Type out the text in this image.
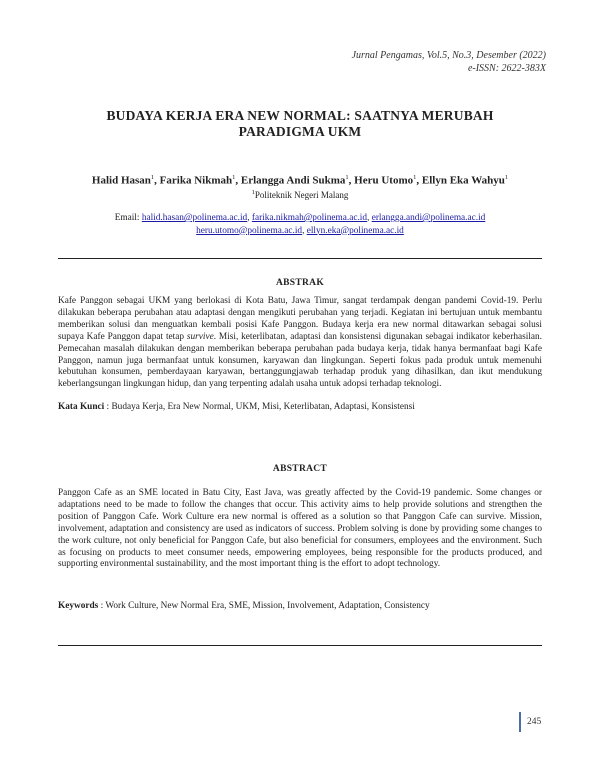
Jurnal Pengamas, Vol.5, No.3, Desember (2022)
e-ISSN: 2622-383X
BUDAYA KERJA ERA NEW NORMAL: SAATNYA MERUBAH
PARADIGMA UKM
Halid Hasan$^1$, Farika Nikmah$^1$, Erlangga Andi Sukma$^1$, Heru Utomo$^1$, Ellyn Eka Wahyu$^1$
$^1$Politeknik Negeri Malang
Email: halid.hasan@polinema.ac.id, farika.nikmah@polinema.ac.id, erlangga.andi@polinema.ac.id
heru.utomo@polinema.ac.id, ellyn.eka@polinema.ac.id
ABSTRAK
Kafe Panggon sebagai UKM yang berlokasi di Kota Batu, Jawa Timur, sangat terdampak dengan pandemi Covid-19. Perlu dilakukan beberapa perubahan atau adaptasi dengan mengikuti perubahan yang terjadi. Kegiatan ini bertujuan untuk membantu memberikan solusi dan menguatkan kembali posisi Kafe Panggon. Budaya kerja era new normal ditawarkan sebagai solusi supaya Kafe Panggon dapat tetap survive. Misi, keterlibatan, adaptasi dan konsistensi digunakan sebagai indikator keberhasilan. Pemecahan masalah dilakukan dengan memberikan beberapa perubahan pada budaya kerja, tidak hanya bermanfaat bagi Kafe Panggon, namun juga bermanfaat untuk konsumen, karyawan dan lingkungan. Seperti fokus pada produk untuk memenuhi kebutuhan konsumen, pemberdayaan karyawan, bertanggungjawab terhadap produk yang dihasilkan, dan ikut mendukung keberlangsungan lingkungan hidup, dan yang terpenting adalah usaha untuk adopsi terhadap teknologi.
Kata Kunci : Budaya Kerja, Era New Normal, UKM, Misi, Keterlibatan, Adaptasi, Konsistensi
ABSTRACT
Panggon Cafe as an SME located in Batu City, East Java, was greatly affected by the Covid-19 pandemic. Some changes or adaptations need to be made to follow the changes that occur. This activity aims to help provide solutions and strengthen the position of Panggon Cafe. Work Culture era new normal is offered as a solution so that Panggon Cafe can survive. Mission, involvement, adaptation and consistency are used as indicators of success. Problem solving is done by providing some changes to the work culture, not only beneficial for Panggon Cafe, but also beneficial for consumers, employees and the environment. Such as focusing on products to meet consumer needs, empowering employees, being responsible for the products produced, and supporting environmental sustainability, and the most important thing is the effort to adopt technology.
Keywords : Work Culture, New Normal Era, SME, Mission, Involvement, Adaptation, Consistency
245
